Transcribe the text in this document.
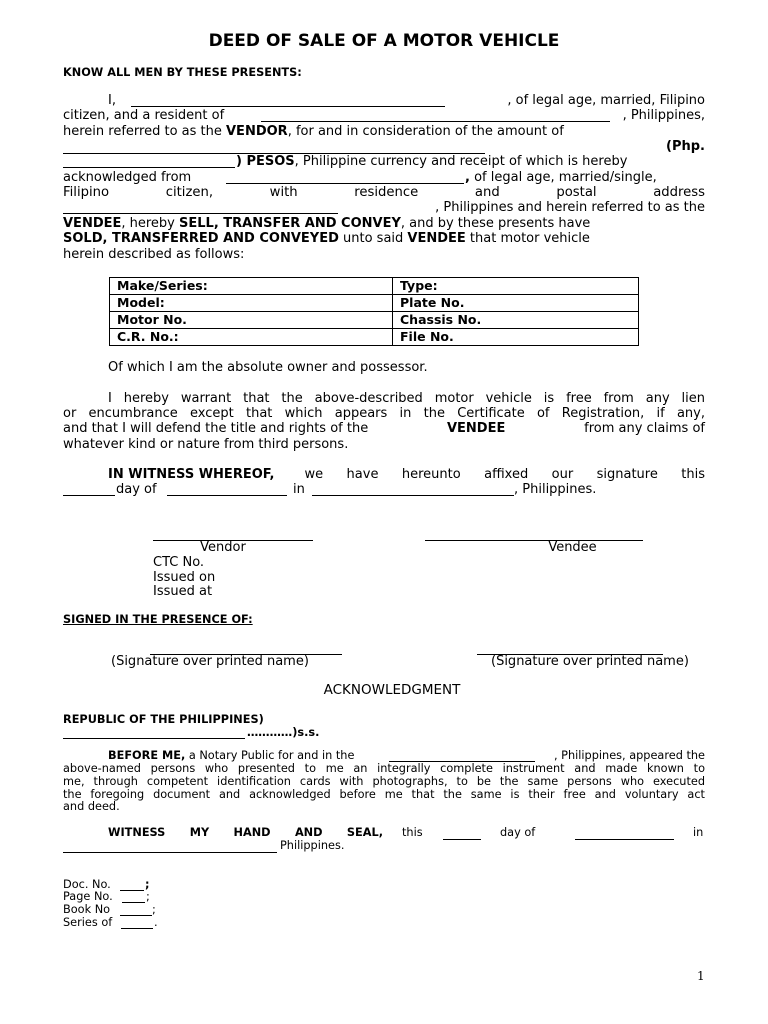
DEED OF SALE OF A MOTOR VEHICLE
KNOW ALL MEN BY THESE PRESENTS:
I,	, of legal age, married, Filipino
citizen, and a resident of	, Philippines,
herein referred to as the VENDOR, for and in consideration of the amount of
(Php.
) PESOS, Philippine currency and receipt of which is hereby
acknowledged from	, of legal age, married/single,
Filipino citizen, with residence and postal address
, Philippines and herein referred to as the
VENDEE, hereby SELL, TRANSFER AND CONVEY, and by these presents have
SOLD, TRANSFERRED AND CONVEYED unto said VENDEE that motor vehicle
herein described as follows:
Make/Series:	Type:
Model:	Plate No.
Motor No.	Chassis No.
C.R. No.:	File No.
Of which I am the absolute owner and possessor.
I hereby warrant that the above-described motor vehicle is free from any lien
or encumbrance except that which appears in the Certificate of Registration, if any,
and that I will defend the title and rights of the	VENDEE	from any claims of
whatever kind or nature from third persons.
IN WITNESS WHEREOF, we have hereunto affixed our signature this
day of	in	, Philippines.
Vendor	Vendee
CTC No.
Issued on
Issued at
SIGNED IN THE PRESENCE OF:
(Signature over printed name)	(Signature over printed name)
ACKNOWLEDGMENT
REPUBLIC OF THE PHILIPPINES)
…………)s.s.
BEFORE ME, a Notary Public for and in the	, Philippines, appeared the
above-named persons who presented to me an integrally complete instrument and made known to
me, through competent identification cards with photographs, to be the same persons who executed
the foregoing document and acknowledged before me that the same is their free and voluntary act
and deed.
WITNESS MY HAND AND SEAL, this	day of	in
Philippines.
Doc. No.	;
Page No.	;
Book No	;
Series of	.
1
